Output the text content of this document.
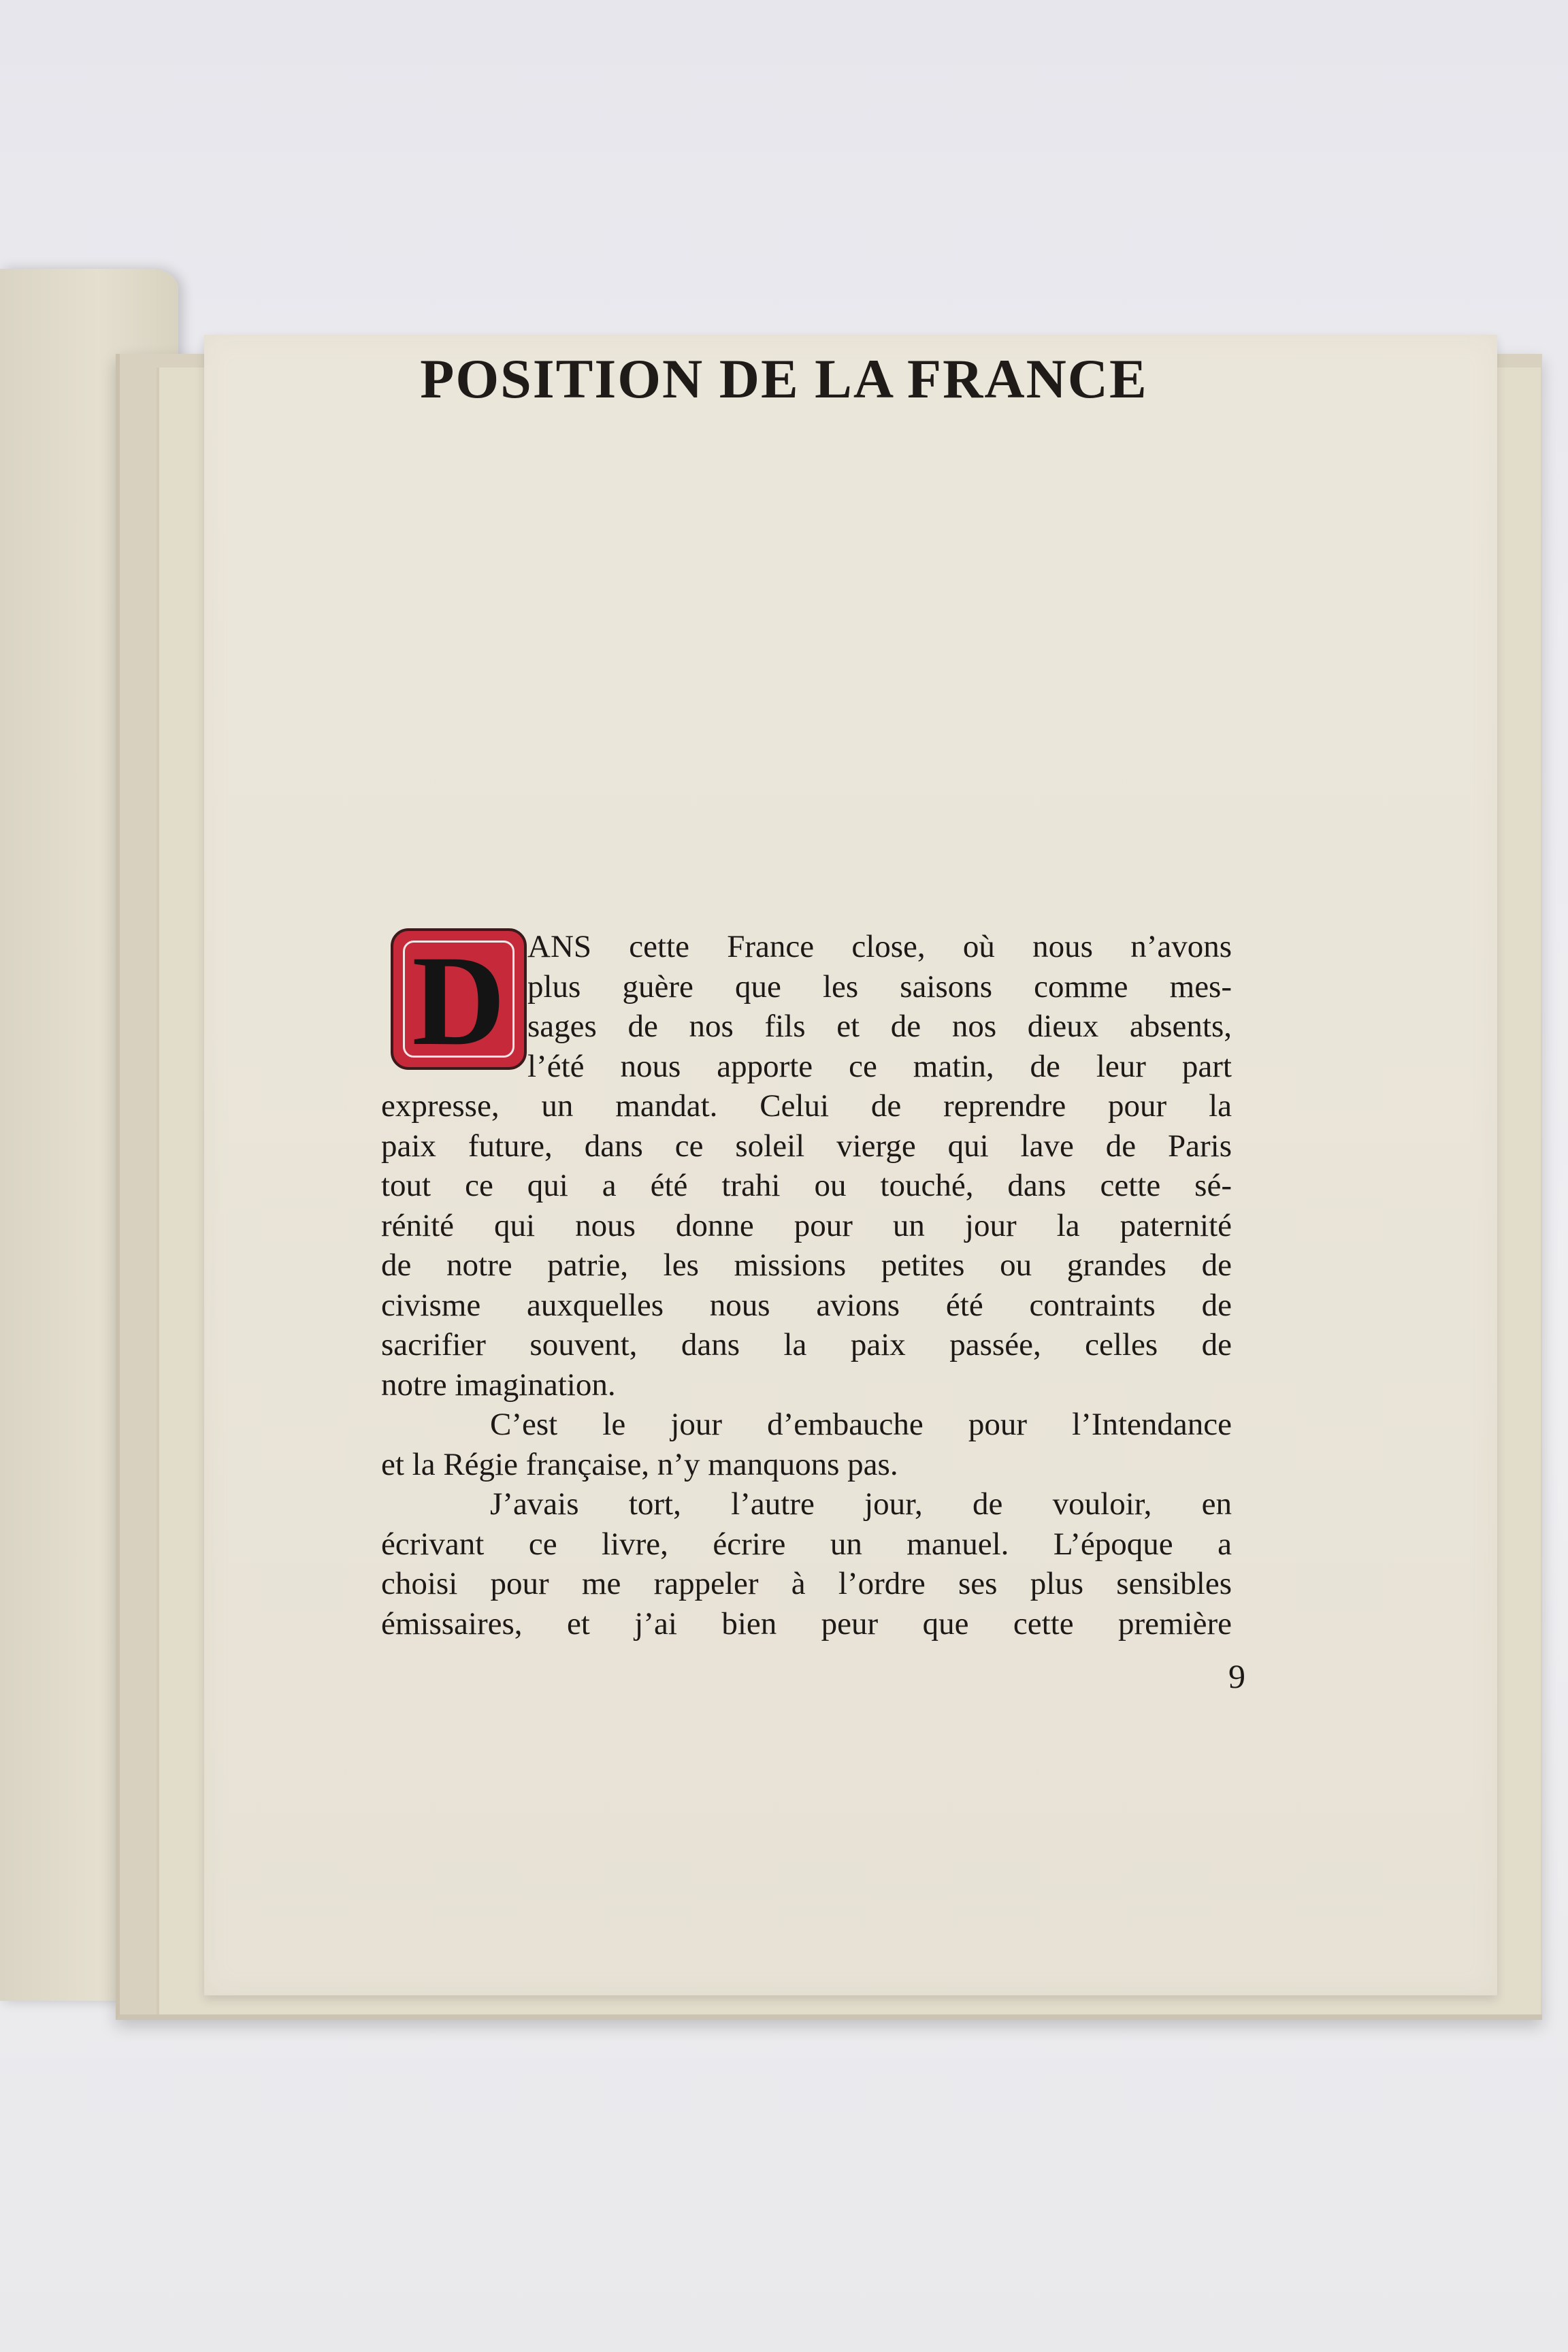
POSITION DE LA FRANCE
D ANS cette France close, où nous n’avons
plus guère que les saisons comme mes-
sages de nos fils et de nos dieux absents,
l’été nous apporte ce matin, de leur part
expresse, un mandat. Celui de reprendre pour la
paix future, dans ce soleil vierge qui lave de Paris
tout ce qui a été trahi ou touché, dans cette sé-
rénité qui nous donne pour un jour la paternité
de notre patrie, les missions petites ou grandes de
civisme auxquelles nous avions été contraints de
sacrifier souvent, dans la paix passée, celles de
notre imagination.
C’est le jour d’embauche pour l’Intendance
et la Régie française, n’y manquons pas.
J’avais tort, l’autre jour, de vouloir, en
écrivant ce livre, écrire un manuel. L’époque a
choisi pour me rappeler à l’ordre ses plus sensibles
émissaires, et j’ai bien peur que cette première
9
